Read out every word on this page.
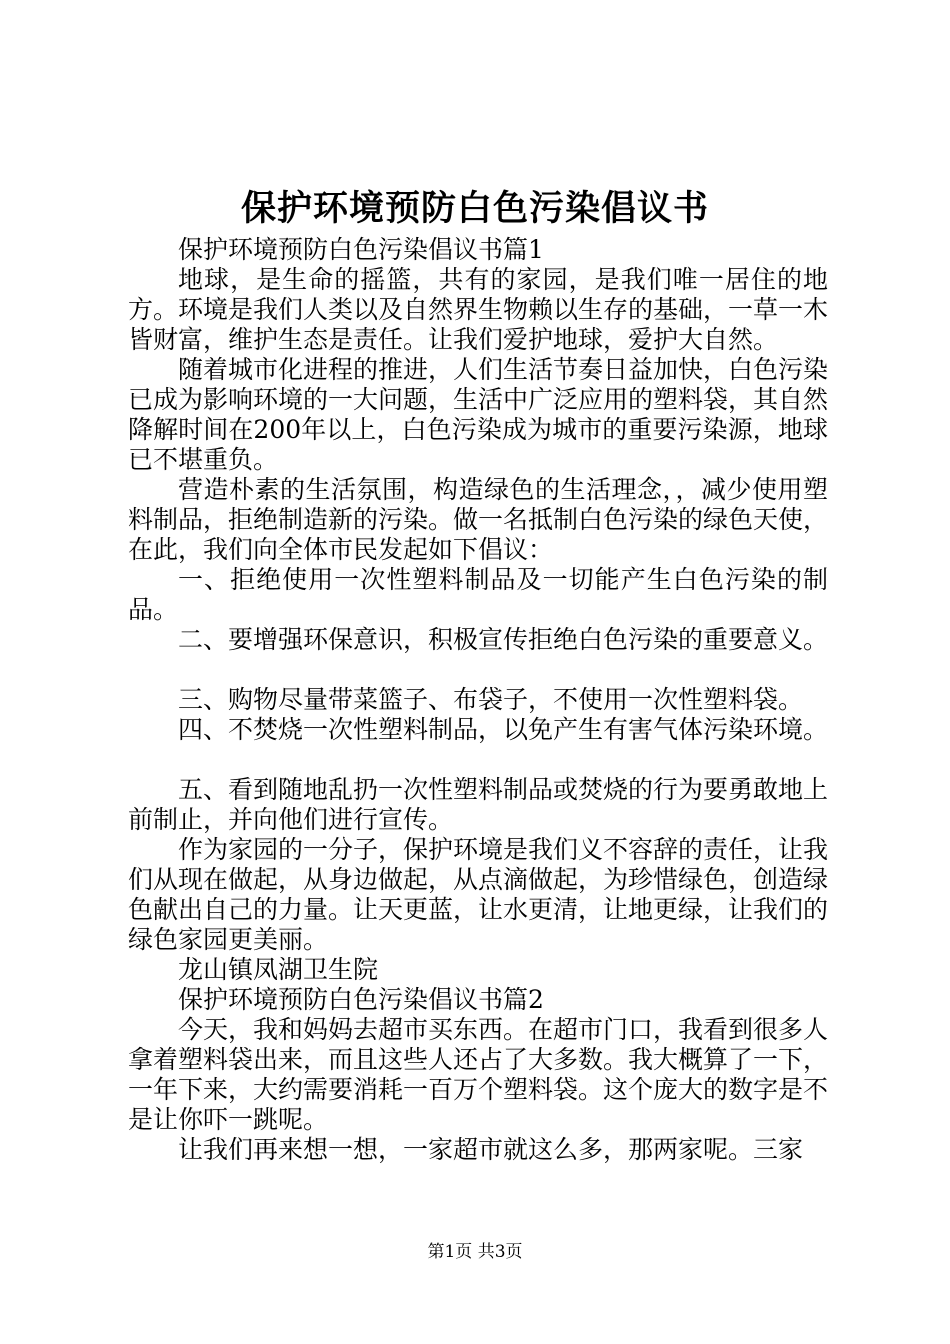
保护环境预防白色污染倡议书

保护环境预防白色污染倡议书篇1

地球，是生命的摇篮，共有的家园，是我们唯一居住的地方。环境是我们人类以及自然界生物赖以生存的基础，一草一木皆财富，维护生态是责任。让我们爱护地球，爱护大自然。

随着城市化进程的推进，人们生活节奏日益加快，白色污染已成为影响环境的一大问题，生活中广泛应用的塑料袋，其自然降解时间在200年以上，白色污染成为城市的重要污染源，地球已不堪重负。

营造朴素的生活氛围，构造绿色的生活理念，，减少使用塑料制品，拒绝制造新的污染。做一名抵制白色污染的绿色天使，在此，我们向全体市民发起如下倡议：

一、拒绝使用一次性塑料制品及一切能产生白色污染的制品。

二、要增强环保意识，积极宣传拒绝白色污染的重要意义。

三、购物尽量带菜篮子、布袋子，不使用一次性塑料袋。

四、不焚烧一次性塑料制品，以免产生有害气体污染环境。

五、看到随地乱扔一次性塑料制品或焚烧的行为要勇敢地上前制止，并向他们进行宣传。

作为家园的一分子，保护环境是我们义不容辞的责任，让我们从现在做起，从身边做起，从点滴做起，为珍惜绿色，创造绿色献出自己的力量。让天更蓝，让水更清，让地更绿，让我们的绿色家园更美丽。

龙山镇凤湖卫生院

保护环境预防白色污染倡议书篇2

今天，我和妈妈去超市买东西。在超市门口，我看到很多人拿着塑料袋出来，而且这些人还占了大多数。我大概算了一下，一年下来，大约需要消耗一百万个塑料袋。这个庞大的数字是不是让你吓一跳呢。

让我们再来想一想，一家超市就这么多，那两家呢。三家

第1页 共3页
